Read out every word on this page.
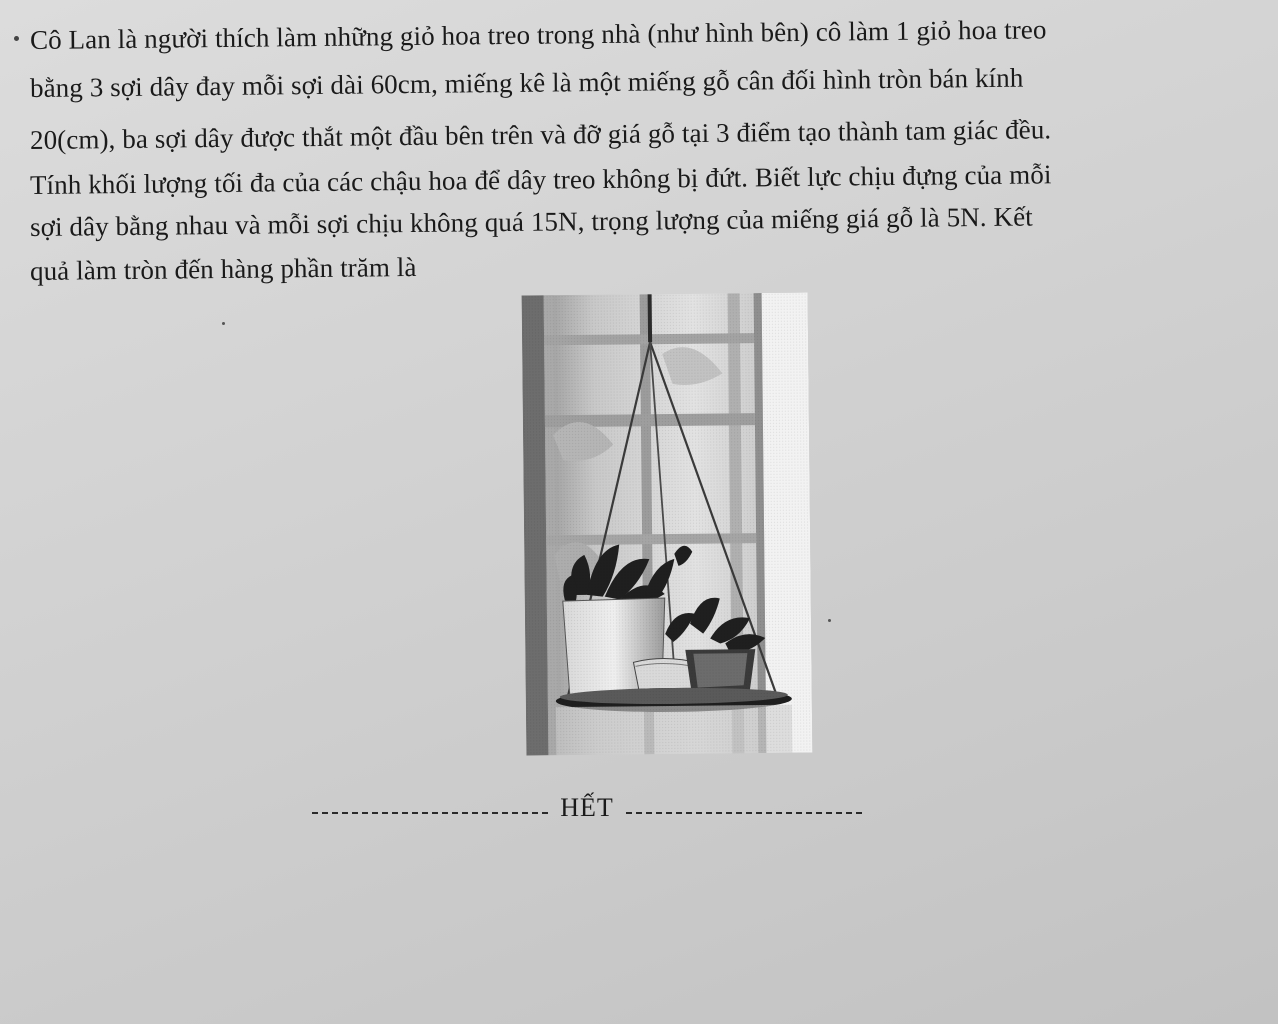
Cô Lan là người thích làm những giỏ hoa treo trong nhà (như hình bên) cô làm 1 giỏ hoa treo
bằng 3 sợi dây đay mỗi sợi dài 60cm, miếng kê là một miếng gỗ cân đối hình tròn bán kính
20(cm), ba sợi dây được thắt một đầu bên trên và đỡ giá gỗ tại 3 điểm tạo thành tam giác đều.
Tính khối lượng tối đa của các chậu hoa để dây treo không bị đứt. Biết lực chịu đựng của mỗi
sợi dây bằng nhau và mỗi sợi chịu không quá 15N, trọng lượng của miếng giá gỗ là 5N. Kết
quả làm tròn đến hàng phần trăm là
HẾT
